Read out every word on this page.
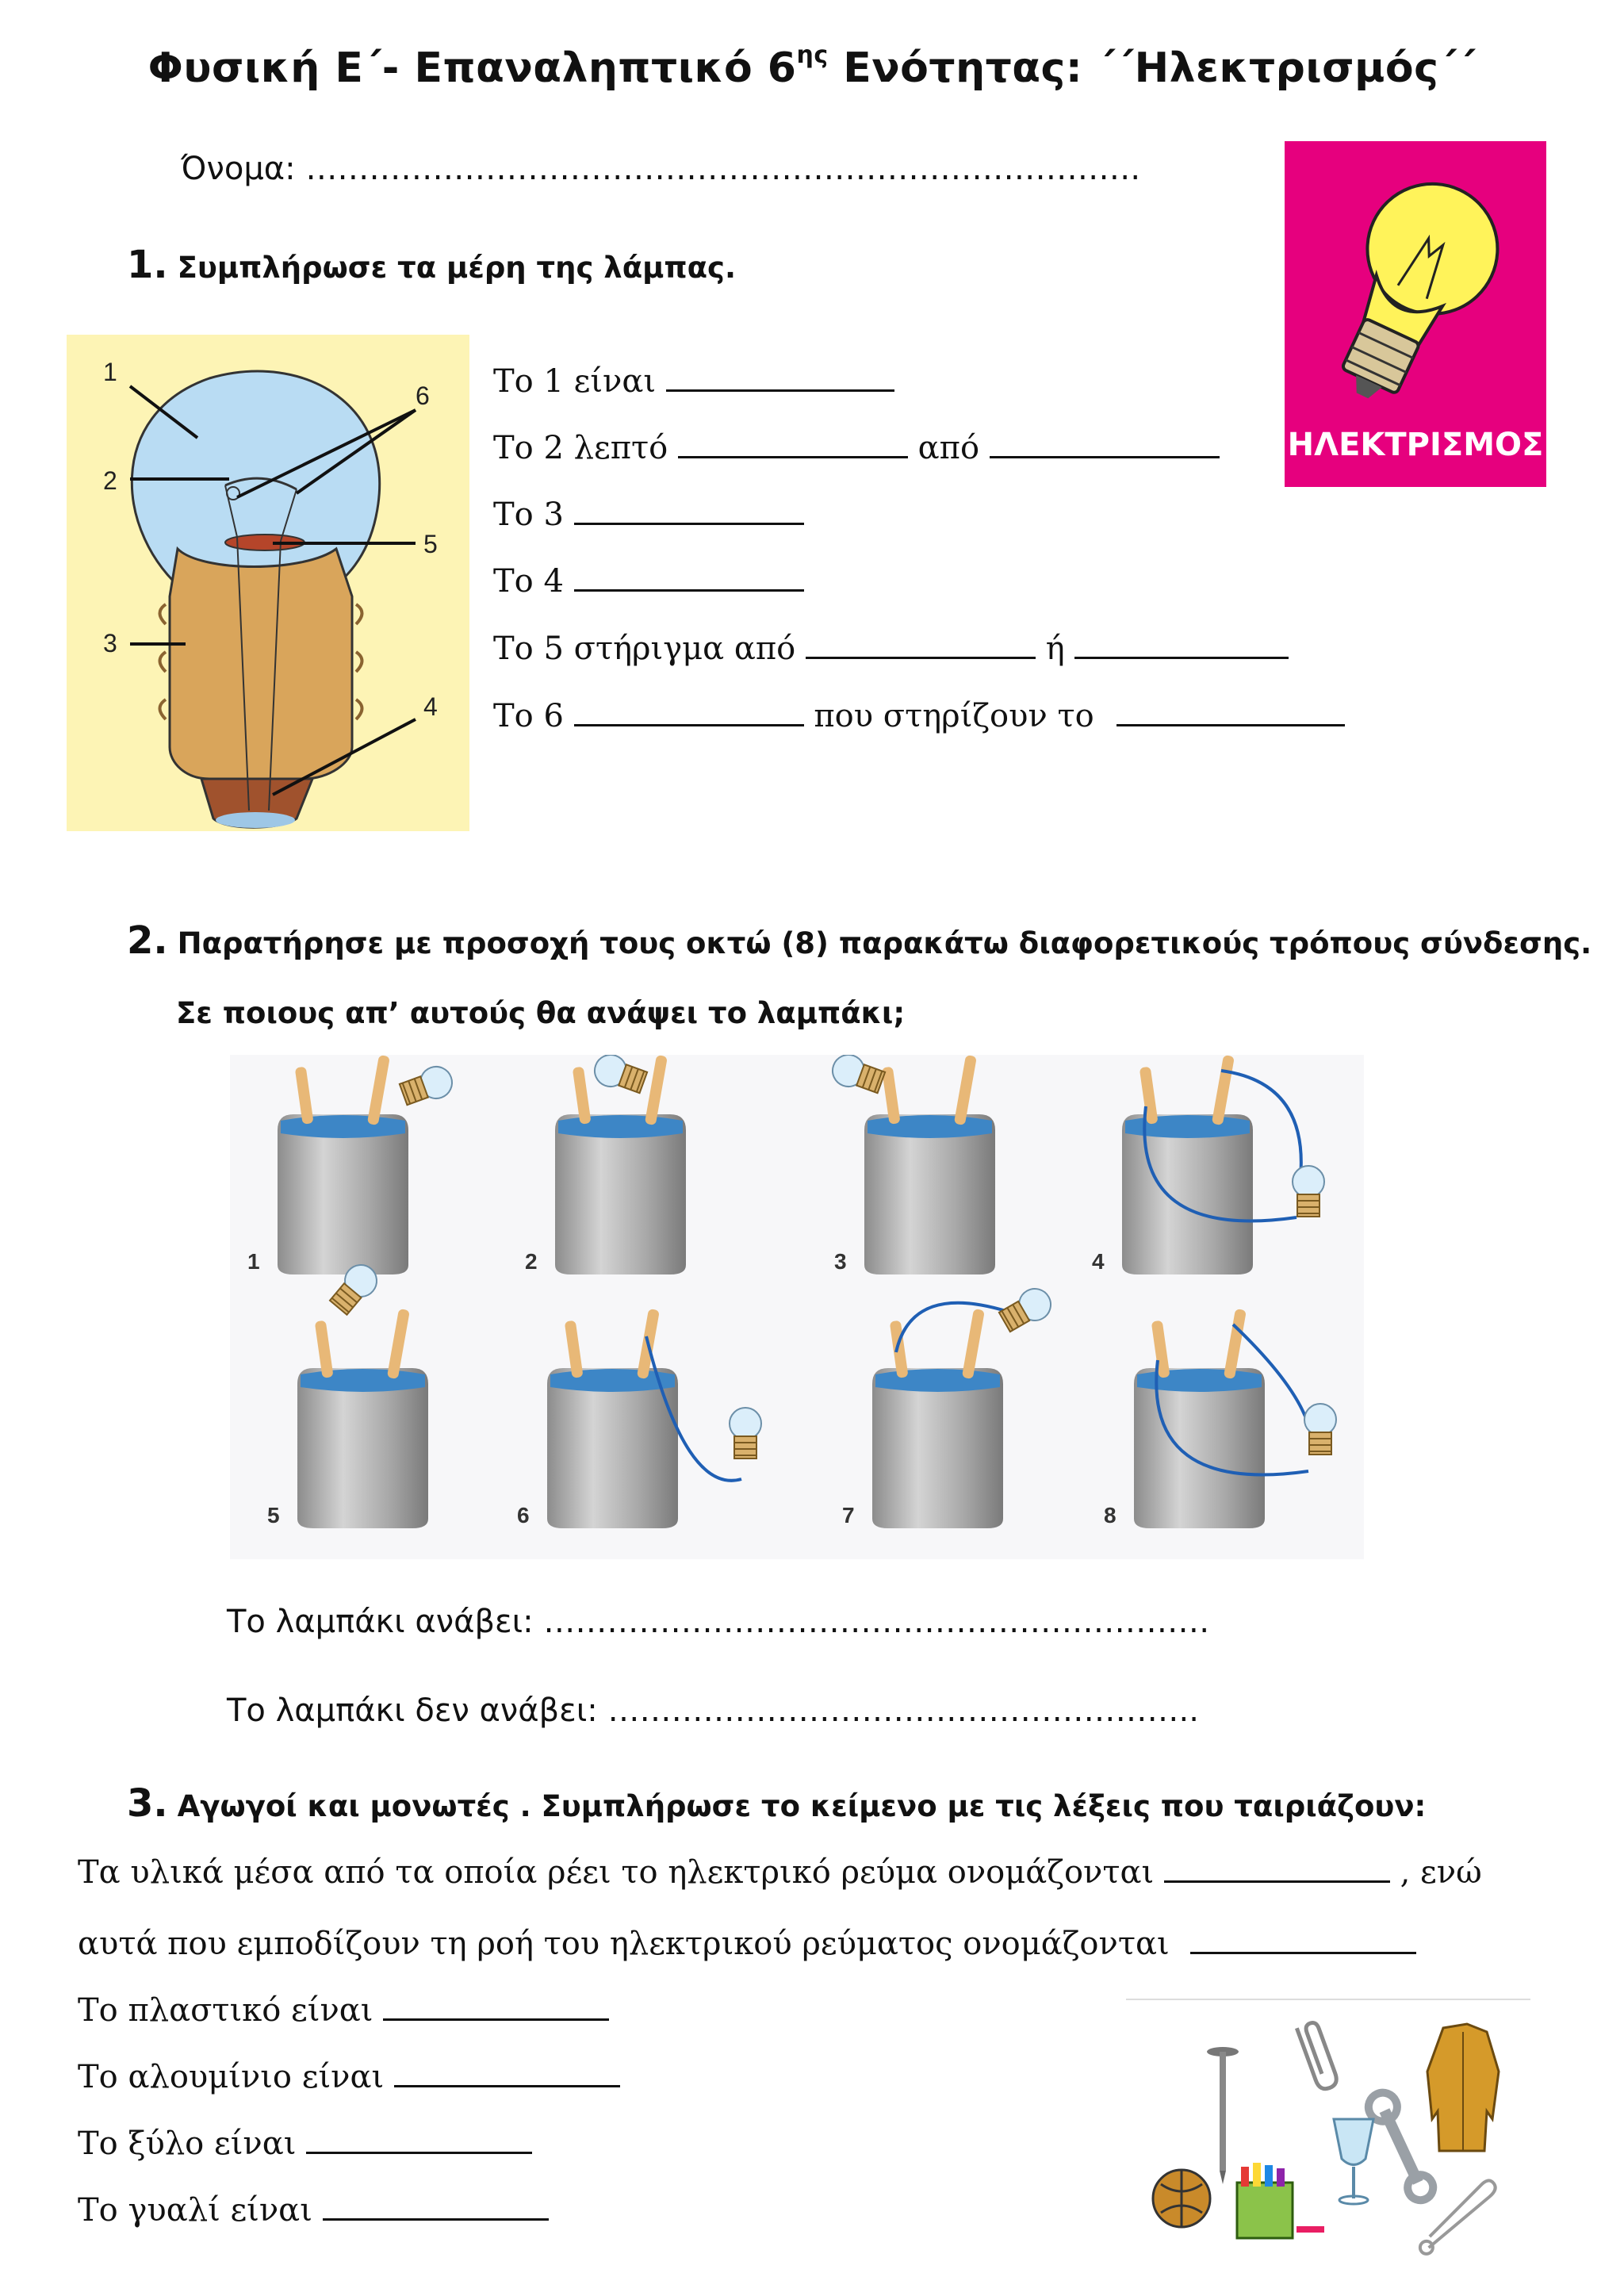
Φυσική Ε΄- Επαναληπτικό $6^{\eta\varsigma}$ Ενότητας: ΄΄Ηλεκτρισμός΄΄
Όνομα: …………………………………………………………………….
ΗΛΕΚΤΡΙΣΜΟΣ
1. Συμπλήρωσε τα μέρη της λάμπας.
1
2
3
4
5
6 Το 1 είναι
Το 2 λεπτό	από
Το 3
Το 4
Το 5 στήριγμα από	ή
Το 6	που στηρίζουν το
2. Παρατήρησε με προσοχή τους οκτώ (8) παρακάτω διαφορετικούς τρόπους σύνδεσης.
Σε ποιους απ’ αυτούς θα ανάψει το λαμπάκι;
1	2	3	4
5	6	7	8
Το λαμπάκι ανάβει: ………………………………………………………
Το λαμπάκι δεν ανάβει: ………………………………………………..
3. Αγωγοί και μονωτές . Συμπλήρωσε το κείμενο με τις λέξεις που ταιριάζουν:
Τα υλικά μέσα από τα οποία ρέει το ηλεκτρικό ρεύμα ονομάζονται	, ενώ
αυτά που εμποδίζουν τη ροή του ηλεκτρικού ρεύματος ονομάζονται
Το πλαστικό είναι
Το αλουμίνιο είναι
Το ξύλο είναι
Το γυαλί είναι
